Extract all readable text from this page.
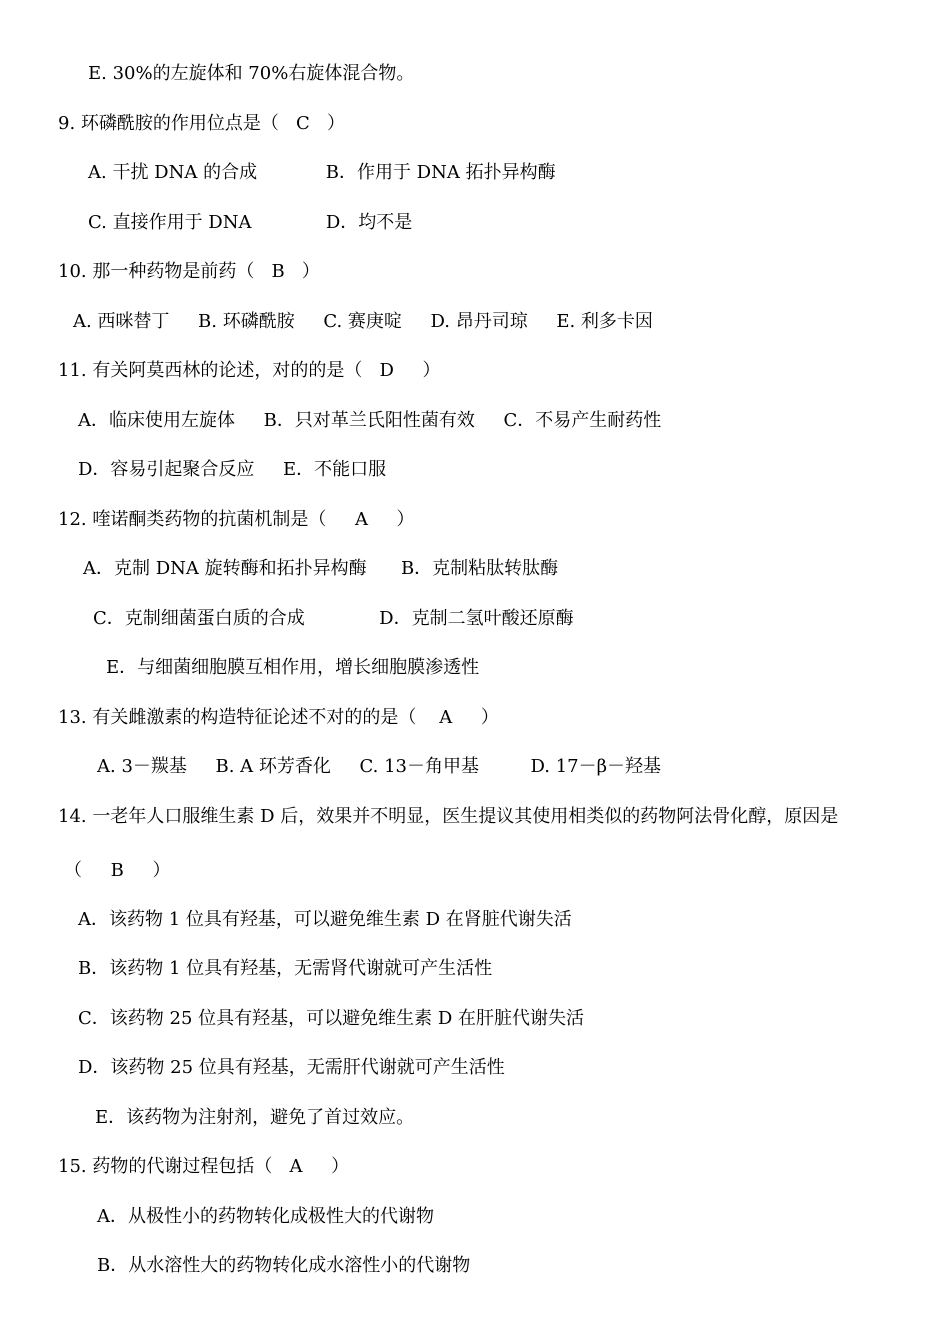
E. 30%的左旋体和 70%右旋体混合物。
9. 环磷酰胺的作用位点是（   C   ）
A. 干扰 DNA 的合成            B．作用于 DNA 拓扑异构酶
C. 直接作用于 DNA             D．均不是
10. 那一种药物是前药（   B   ）
A. 西咪替丁     B. 环磷酰胺     C. 赛庚啶     D. 昂丹司琼     E. 利多卡因
11. 有关阿莫西林的论述，对的的是（   D     ）
A．临床使用左旋体     B．只对革兰氏阳性菌有效     C．不易产生耐药性
D．容易引起聚合反应     E．不能口服
12. 喹诺酮类药物的抗菌机制是（     A     ）
A．克制 DNA 旋转酶和拓扑异构酶      B．克制粘肽转肽酶
C．克制细菌蛋白质的合成             D．克制二氢叶酸还原酶
E．与细菌细胞膜互相作用，增长细胞膜渗透性
13. 有关雌激素的构造特征论述不对的的是（    A     ）
A. 3－羰基     B. A 环芳香化     C. 13－角甲基         D. 17－β－羟基
14. 一老年人口服维生素 D 后，效果并不明显，医生提议其使用相类似的药物阿法骨化醇，原因是
（     B     ）
A．该药物 1 位具有羟基，可以避免维生素 D 在肾脏代谢失活
B．该药物 1 位具有羟基，无需肾代谢就可产生活性
C．该药物 25 位具有羟基，可以避免维生素 D 在肝脏代谢失活
D．该药物 25 位具有羟基，无需肝代谢就可产生活性
E．该药物为注射剂，避免了首过效应。
15. 药物的代谢过程包括（   A     ）
A．从极性小的药物转化成极性大的代谢物
B．从水溶性大的药物转化成水溶性小的代谢物
